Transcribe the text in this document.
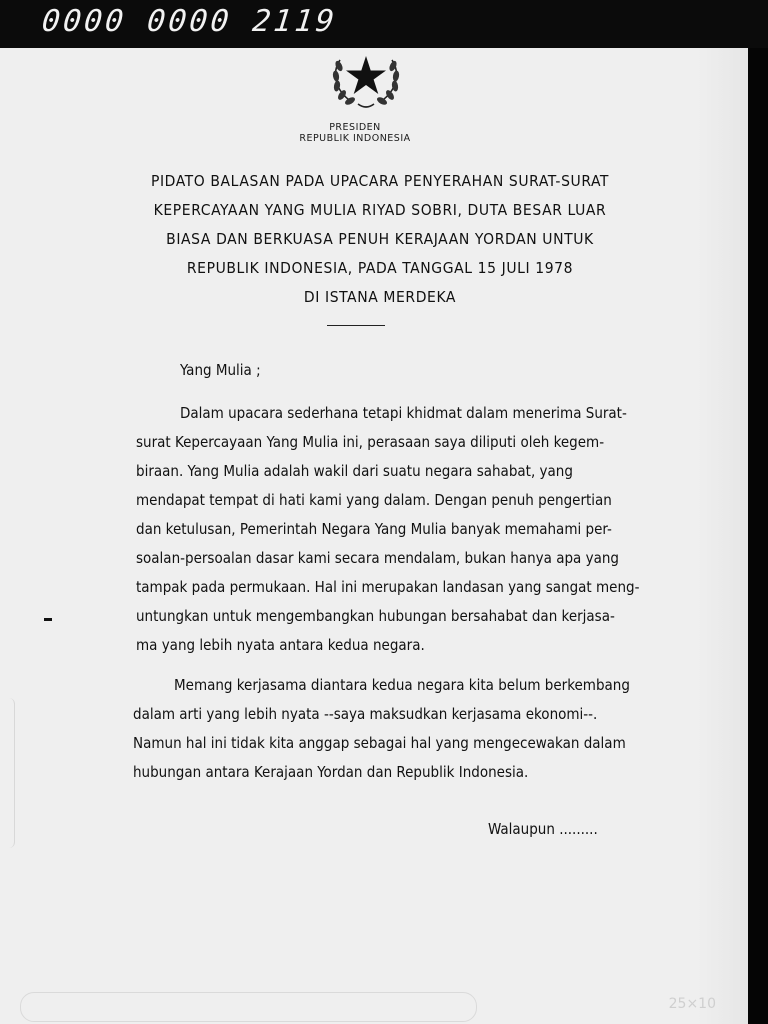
0000 0000 2119
PRESIDEN
REPUBLIK INDONESIA
PIDATO BALASAN PADA UPACARA PENYERAHAN SURAT-SURAT
KEPERCAYAAN YANG MULIA RIYAD SOBRI, DUTA BESAR LUAR
BIASA DAN BERKUASA PENUH KERAJAAN YORDAN UNTUK
REPUBLIK INDONESIA, PADA TANGGAL 15 JULI 1978
DI ISTANA MERDEKA
Yang Mulia ;
Dalam upacara sederhana tetapi khidmat dalam menerima Surat-
surat Kepercayaan Yang Mulia ini, perasaan saya diliputi oleh kegem-
biraan. Yang Mulia adalah wakil dari suatu negara sahabat, yang
mendapat tempat di hati kami yang dalam. Dengan penuh pengertian
dan ketulusan, Pemerintah Negara Yang Mulia banyak memahami per-
soalan-persoalan dasar kami secara mendalam, bukan hanya apa yang
tampak pada permukaan. Hal ini merupakan landasan yang sangat meng-
untungkan untuk mengembangkan hubungan bersahabat dan kerjasa-
ma yang lebih nyata antara kedua negara.
Memang kerjasama diantara kedua negara kita belum berkembang
dalam arti yang lebih nyata --saya maksudkan kerjasama ekonomi--.
Namun hal ini tidak kita anggap sebagai hal yang mengecewakan dalam
hubungan antara Kerajaan Yordan dan Republik Indonesia.
Walaupun .........
25×10
